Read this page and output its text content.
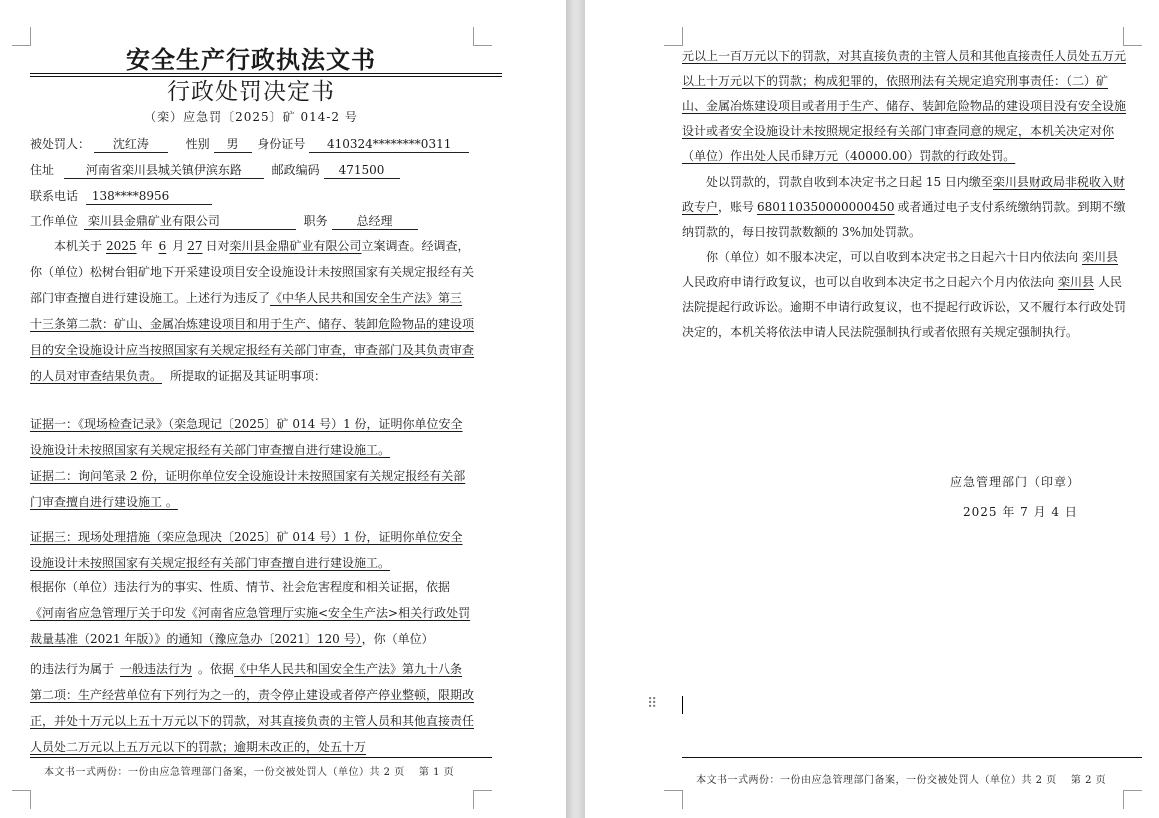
安全生产行政执法文书
行政处罚决定书
（栾）应急罚〔2025〕矿 014-2 号
被处罚人： 沈红涛	性别 男 身份证号 410324********0311
住址	河南省栾川县城关镇伊滨东路 邮政编码 471500
联系电话 138****8956
工作单位 栾川县金鼎矿业有限公司	职务 总经理
本机关于 2025 年 6 月 27 日对栾川县金鼎矿业有限公司立案调查。经调查，你（单位）松树台钼矿地下开采建设项目安全设施设计未按照国家有关规定报经有关部门审查擅自进行建设施工。上述行为违反了《中华人民共和国安全生产法》第三十三条第二款：矿山、金属冶炼建设项目和用于生产、储存、装卸危险物品的建设项目的安全设施设计应当按照国家有关规定报经有关部门审查，审查部门及其负责审查的人员对审查结果负责。 所提取的证据及其证明事项：
证据一：《现场检查记录》（栾急现记〔2025〕矿 014 号）1 份，证明你单位安全设施设计未按照国家有关规定报经有关部门审查擅自进行建设施工。
证据二：询问笔录 2 份，证明你单位安全设施设计未按照国家有关规定报经有关部门审查擅自进行建设施工 。
证据三：现场处理措施（栾应急现决〔2025〕矿 014 号）1 份，证明你单位安全设施设计未按照国家有关规定报经有关部门审查擅自进行建设施工。
根据你（单位）违法行为的事实、性质、情节、社会危害程度和相关证据，依据《河南省应急管理厅关于印发《河南省应急管理厅实施<安全生产法>相关行政处罚裁量基准（2021 年版）》的通知（豫应急办〔2021〕120 号），你（单位）
的违法行为属于 一般违法行为 。依据《中华人民共和国安全生产法》第九十八条第二项：生产经营单位有下列行为之一的，责令停止建设或者停产停业整顿，限期改正，并处十万元以上五十万元以下的罚款，对其直接负责的主管人员和其他直接责任人员处二万元以上五万元以下的罚款；逾期未改正的，处五十万
本文书一式两份：一份由应急管理部门备案，一份交被处罚人（单位）共 2 页　 第 1 页
元以上一百万元以下的罚款，对其直接负责的主管人员和其他直接责任人员处五万元以上十万元以下的罚款；构成犯罪的，依照刑法有关规定追究刑事责任：（二）矿山、金属冶炼建设项目或者用于生产、储存、装卸危险物品的建设项目没有安全设施设计或者安全设施设计未按照规定报经有关部门审查同意的规定，本机关决定对你（单位）作出处人民币肆万元（40000.00）罚款的行政处罚。
处以罚款的，罚款自收到本决定书之日起 15 日内缴至栾川县财政局非税收入财政专户，账号 680110350000000450 或者通过电子支付系统缴纳罚款。到期不缴纳罚款的，每日按罚款数额的 3%加处罚款。
你（单位）如不服本决定，可以自收到本决定书之日起六十日内依法向 栾川县人民政府申请行政复议，也可以自收到本决定书之日起六个月内依法向 栾川县 人民法院提起行政诉讼。逾期不申请行政复议，也不提起行政诉讼，又不履行本行政处罚决定的，本机关将依法申请人民法院强制执行或者依照有关规定强制执行。
应急管理部门（印章）
2025 年 7 月 4 日
⠿
本文书一式两份：一份由应急管理部门备案，一份交被处罚人（单位）共 2 页　 第 2 页
